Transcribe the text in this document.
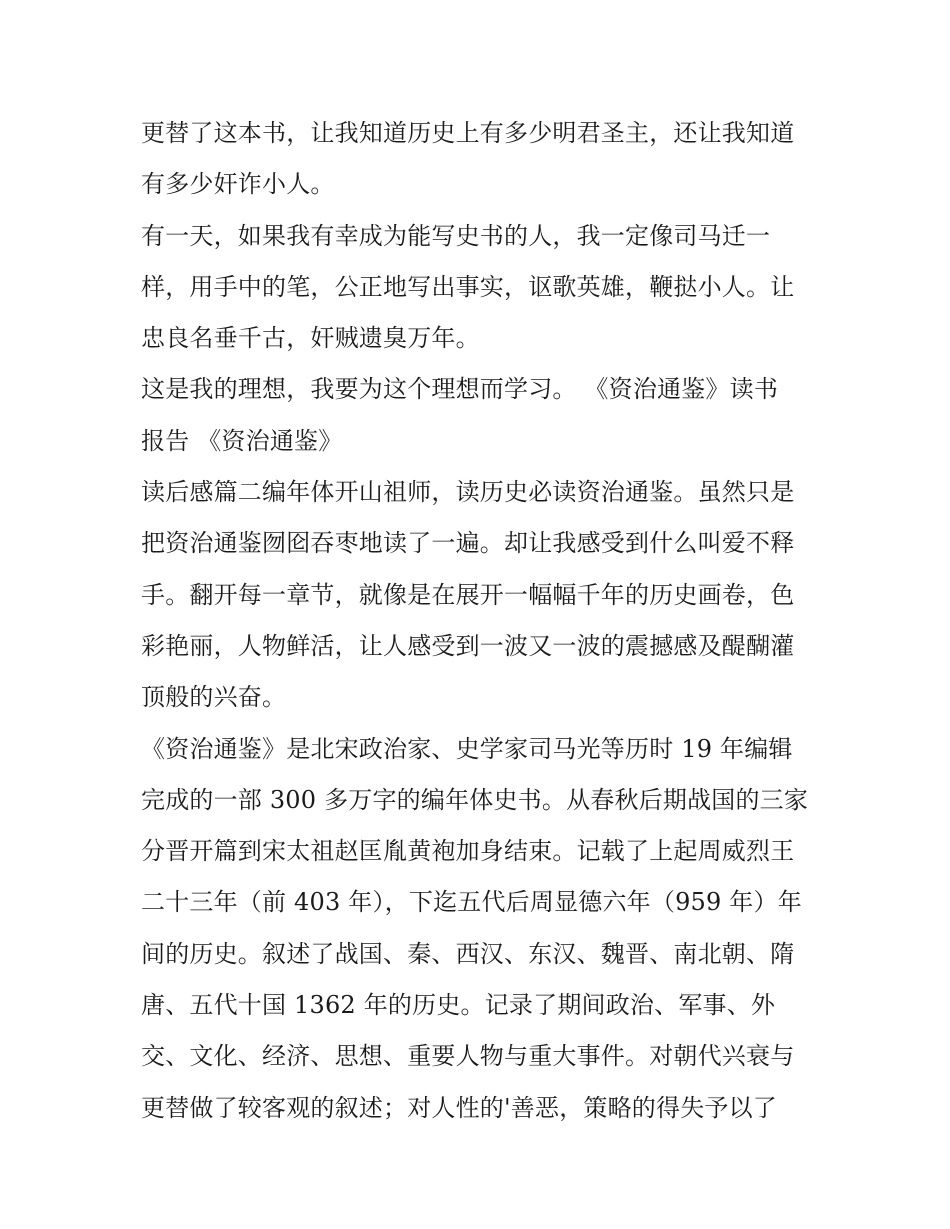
更替了这本书，让我知道历史上有多少明君圣主，还让我知道
有多少奸诈小人。
有一天，如果我有幸成为能写史书的人，我一定像司马迁一
样，用手中的笔，公正地写出事实，讴歌英雄，鞭挞小人。让
忠良名垂千古，奸贼遗臭万年。
这是我的理想，我要为这个理想而学习。 《资治通鉴》读书
报告 《资治通鉴》
读后感篇二编年体开山祖师，读历史必读资治通鉴。虽然只是
把资治通鉴囫囵吞枣地读了一遍。却让我感受到什么叫爱不释
手。翻开每一章节，就像是在展开一幅幅千年的历史画卷，色
彩艳丽，人物鲜活，让人感受到一波又一波的震撼感及醍醐灌
顶般的兴奋。
《资治通鉴》是北宋政治家、史学家司马光等历时 19 年编辑
完成的一部 300 多万字的编年体史书。从春秋后期战国的三家
分晋开篇到宋太祖赵匡胤黄袍加身结束。记载了上起周威烈王
二十三年（前 403 年），下迄五代后周显德六年（959 年）年
间的历史。叙述了战国、秦、西汉、东汉、魏晋、南北朝、隋
唐、五代十国 1362 年的历史。记录了期间政治、军事、外
交、文化、经济、思想、重要人物与重大事件。对朝代兴衰与
更替做了较客观的叙述；对人性的'善恶，策略的得失予以了
